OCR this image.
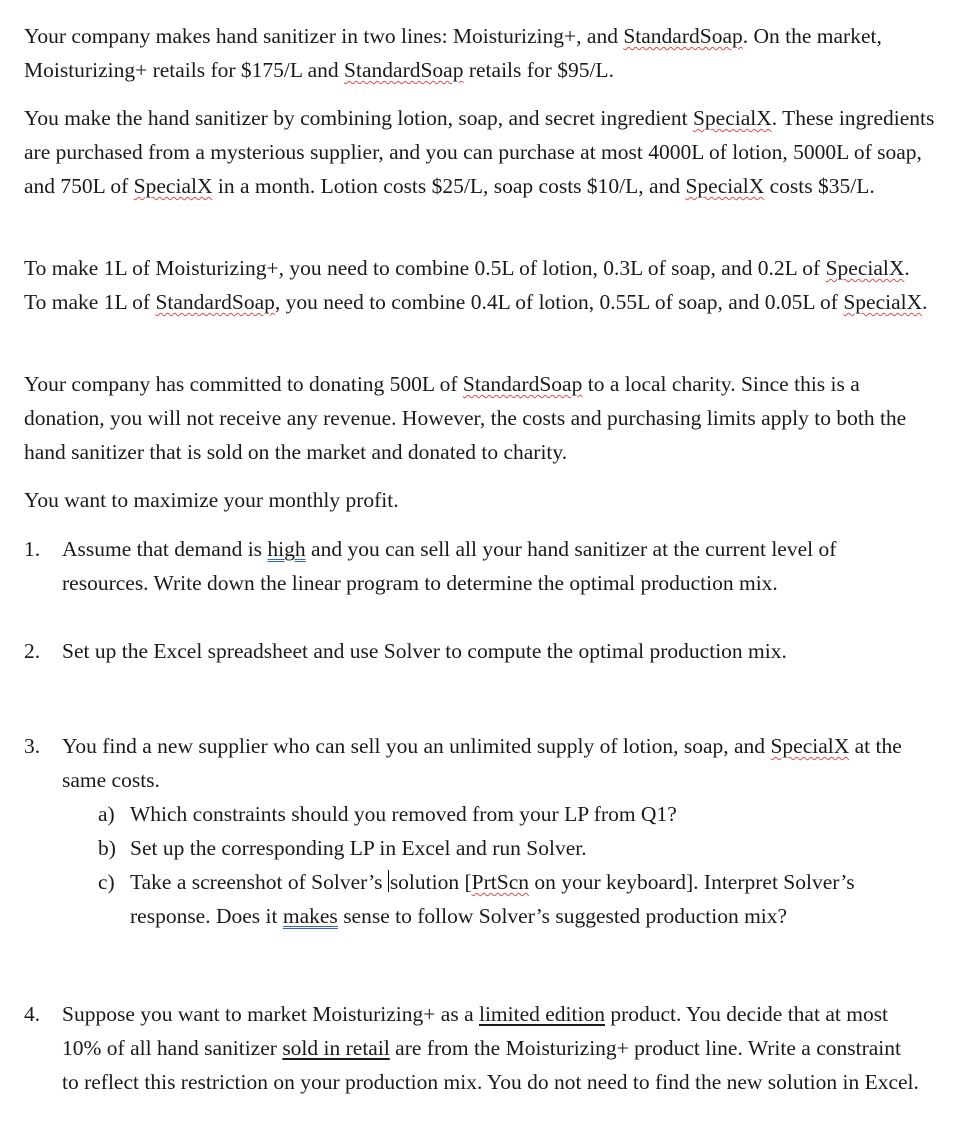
Your company makes hand sanitizer in two lines: Moisturizing+, and StandardSoap. On the market, Moisturizing+ retails for $175/L and StandardSoap retails for $95/L.

You make the hand sanitizer by combining lotion, soap, and secret ingredient SpecialX. These ingredients are purchased from a mysterious supplier, and you can purchase at most 4000L of lotion, 5000L of soap, and 750L of SpecialX in a month. Lotion costs $25/L, soap costs $10/L, and SpecialX costs $35/L.

To make 1L of Moisturizing+, you need to combine 0.5L of lotion, 0.3L of soap, and 0.2L of SpecialX. To make 1L of StandardSoap, you need to combine 0.4L of lotion, 0.55L of soap, and 0.05L of SpecialX.

Your company has committed to donating 500L of StandardSoap to a local charity. Since this is a donation, you will not receive any revenue. However, the costs and purchasing limits apply to both the hand sanitizer that is sold on the market and donated to charity.

You want to maximize your monthly profit.

1. Assume that demand is high and you can sell all your hand sanitizer at the current level of resources. Write down the linear program to determine the optimal production mix.
2. Set up the Excel spreadsheet and use Solver to compute the optimal production mix.
3. You find a new supplier who can sell you an unlimited supply of lotion, soap, and SpecialX at the same costs.
a) Which constraints should you removed from your LP from Q1?
b) Set up the corresponding LP in Excel and run Solver.
c) Take a screenshot of Solver’s solution [PrtScn on your keyboard]. Interpret Solver’s response. Does it makes sense to follow Solver’s suggested production mix?
4. Suppose you want to market Moisturizing+ as a limited edition product. You decide that at most 10% of all hand sanitizer sold in retail are from the Moisturizing+ product line. Write a constraint to reflect this restriction on your production mix. You do not need to find the new solution in Excel.
